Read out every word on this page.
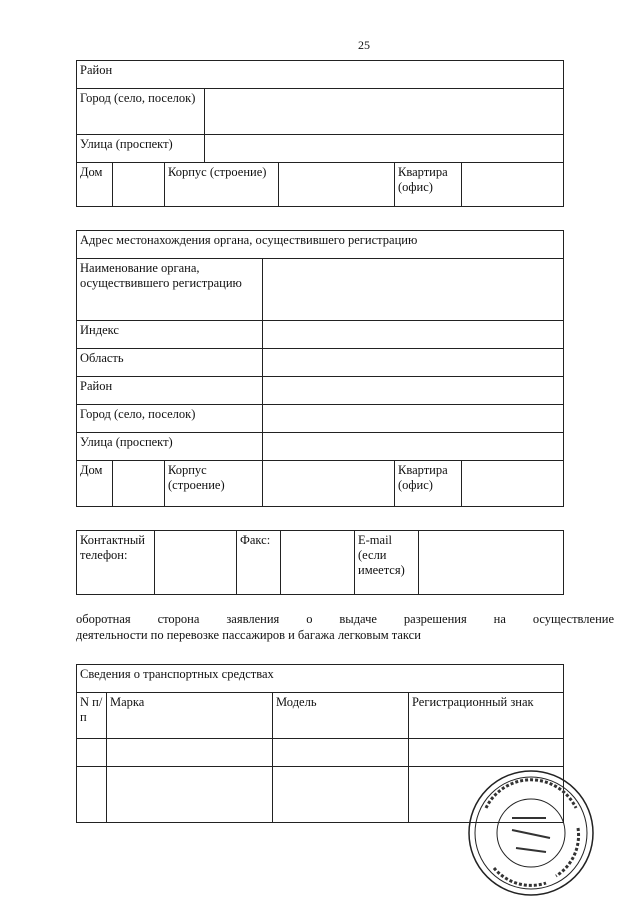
25
Район						
Город (село, поселок)						
Улица (проспект)						
Дом		Корпус (строение)			Квартира (офис)	
Адрес местонахождения органа, осуществившего регистрацию					
Наименование органа, осуществившего регистрацию					
Индекс					
Область					
Район					
Город (село, поселок)					
Улица (проспект)					
Дом		Корпус (строение)		Квартира (офис)	
Контактный телефон:		Факс:		E-mail (если имеется)	
оборотная сторона заявления о выдаче разрешения на осуществление
деятельности по перевозке пассажиров и багажа легковым такси
Сведения о транспортных средствах			
N п/п	Марка	Модель	Регистрационный знак
